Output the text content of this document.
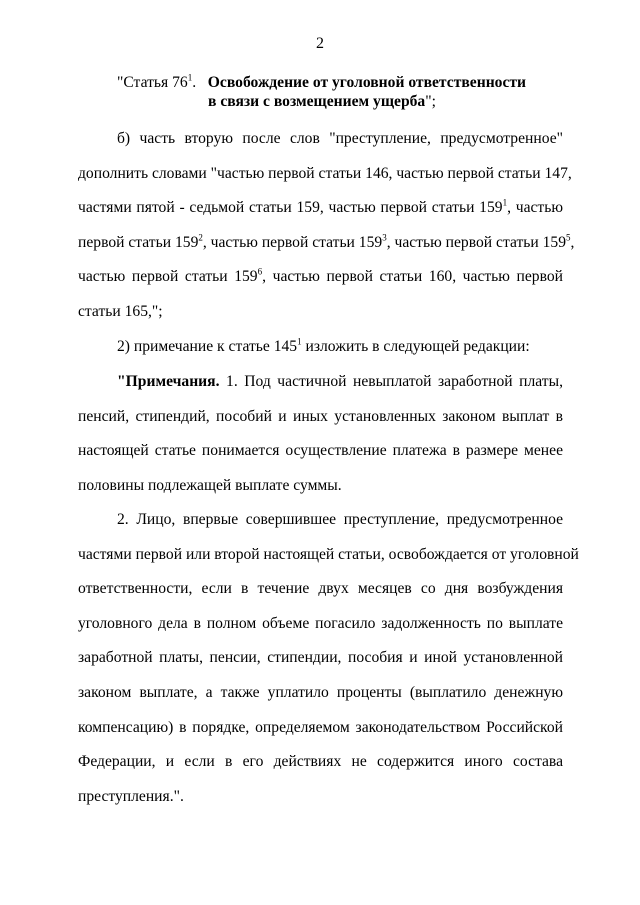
2
"Статья $76^1$. Освобождение от уголовной ответственности
в связи с возмещением ущерба";
б) часть вторую после слов "преступление, предусмотренное"
дополнить словами "частью первой статьи 146, частью первой статьи 147,
частями пятой - седьмой статьи 159, частью первой статьи $159^1$, частью
первой статьи $159^2$, частью первой статьи $159^3$, частью первой статьи $159^5$,
частью первой статьи $159^6$, частью первой статьи 160, частью первой
статьи 165,";
2) примечание к статье $145^1$ изложить в следующей редакции:
"Примечания. 1. Под частичной невыплатой заработной платы,
пенсий, стипендий, пособий и иных установленных законом выплат в
настоящей статье понимается осуществление платежа в размере менее
половины подлежащей выплате суммы.
2. Лицо, впервые совершившее преступление, предусмотренное
частями первой или второй настоящей статьи, освобождается от уголовной
ответственности, если в течение двух месяцев со дня возбуждения
уголовного дела в полном объеме погасило задолженность по выплате
заработной платы, пенсии, стипендии, пособия и иной установленной
законом выплате, а также уплатило проценты (выплатило денежную
компенсацию) в порядке, определяемом законодательством Российской
Федерации, и если в его действиях не содержится иного состава
преступления.".
